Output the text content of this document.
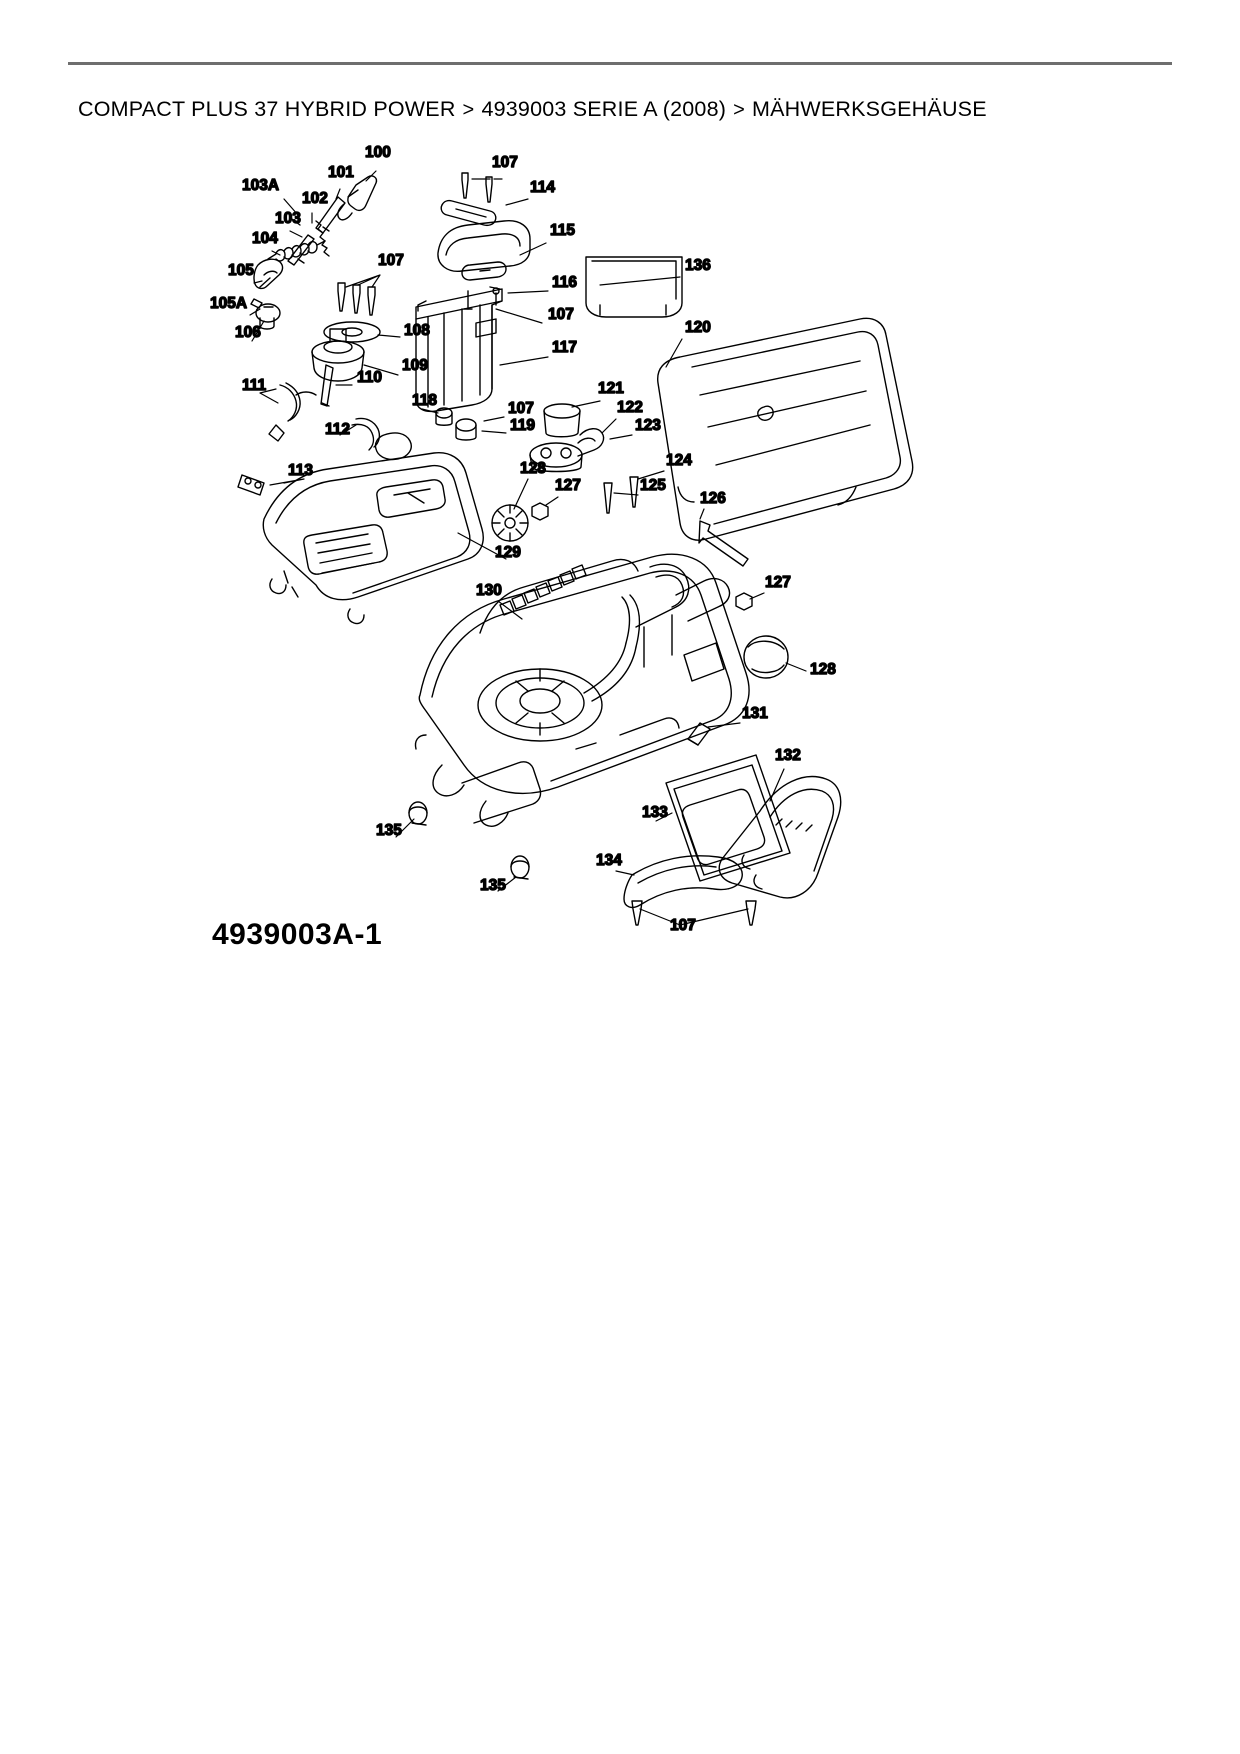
COMPACT PLUS 37 HYBRID POWER > 4939003 SERIE A (2008) > MÄHWERKSGEHÄUSE
100
101
103A
102
103
104
105
105A
106
107
107
114
115
116
136
107
108
109
117
120
110
111
118	107
119
121
122
123
112
124
125
127
113	128
126
129
127
130
128
131
132
133
135
134
135
107
4939003A-1
